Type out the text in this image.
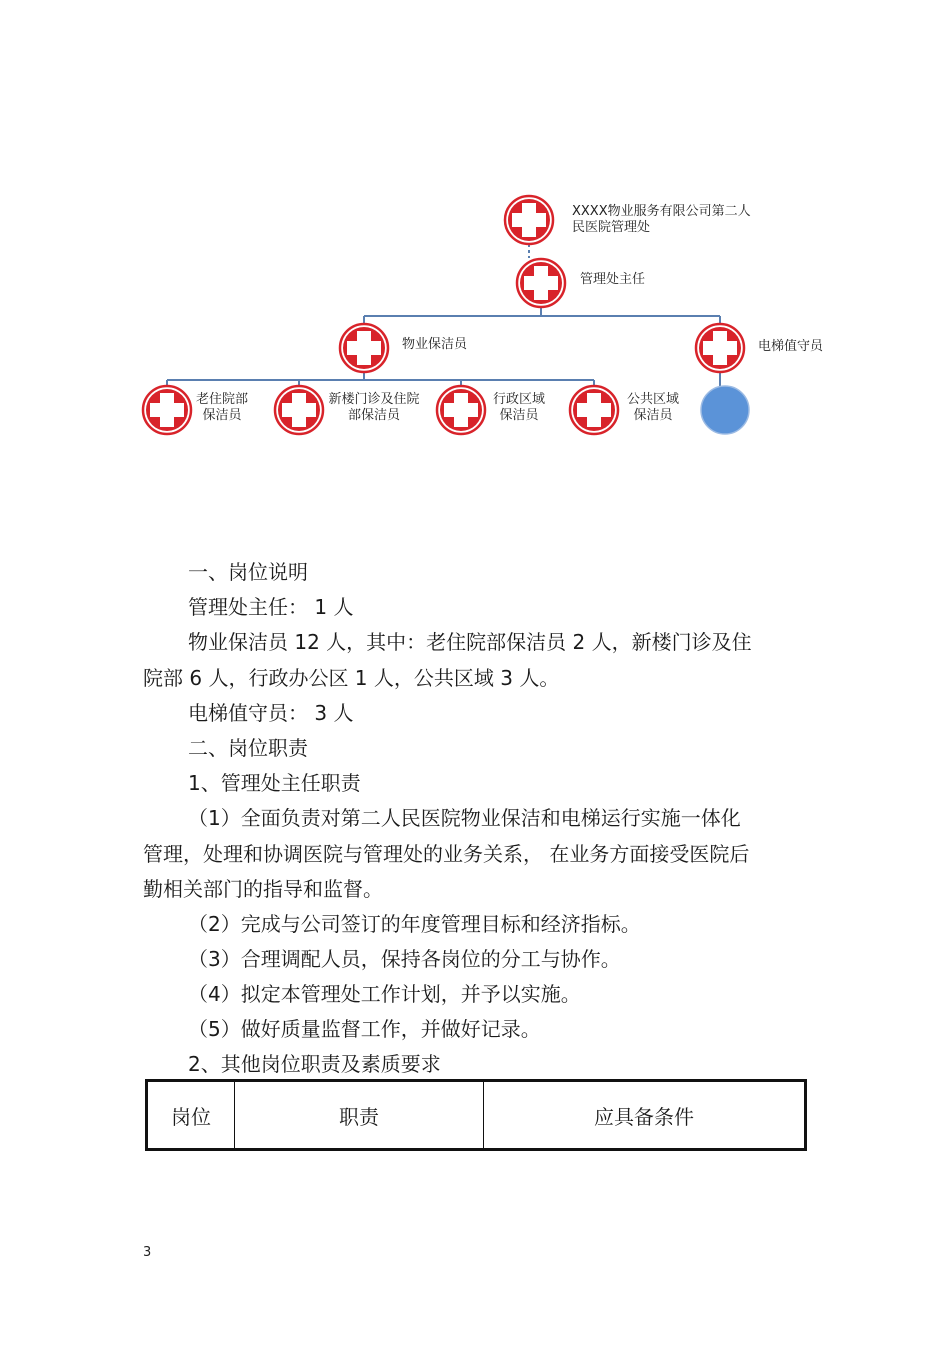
XXXX物业服务有限公司第二人
民医院管理处
管理处主任
物业保洁员	电梯值守员
老住院部
保洁员
新楼门诊及住院
部保洁员
行政区域
保洁员
公共区域
保洁员
一、岗位说明
管理处主任： 1 人
物业保洁员 12 人，其中：老住院部保洁员 2 人，新楼门诊及住
院部 6 人，行政办公区 1 人，公共区域 3 人。
电梯值守员： 3 人
二、岗位职责
1、管理处主任职责
（1）全面负责对第二人民医院物业保洁和电梯运行实施一体化
管理，处理和协调医院与管理处的业务关系， 在业务方面接受医院后
勤相关部门的指导和监督。
（2）完成与公司签订的年度管理目标和经济指标。
（3）合理调配人员，保持各岗位的分工与协作。
（4）拟定本管理处工作计划，并予以实施。
（5）做好质量监督工作，并做好记录。
2、其他岗位职责及素质要求
岗位	职责	应具备条件
3
